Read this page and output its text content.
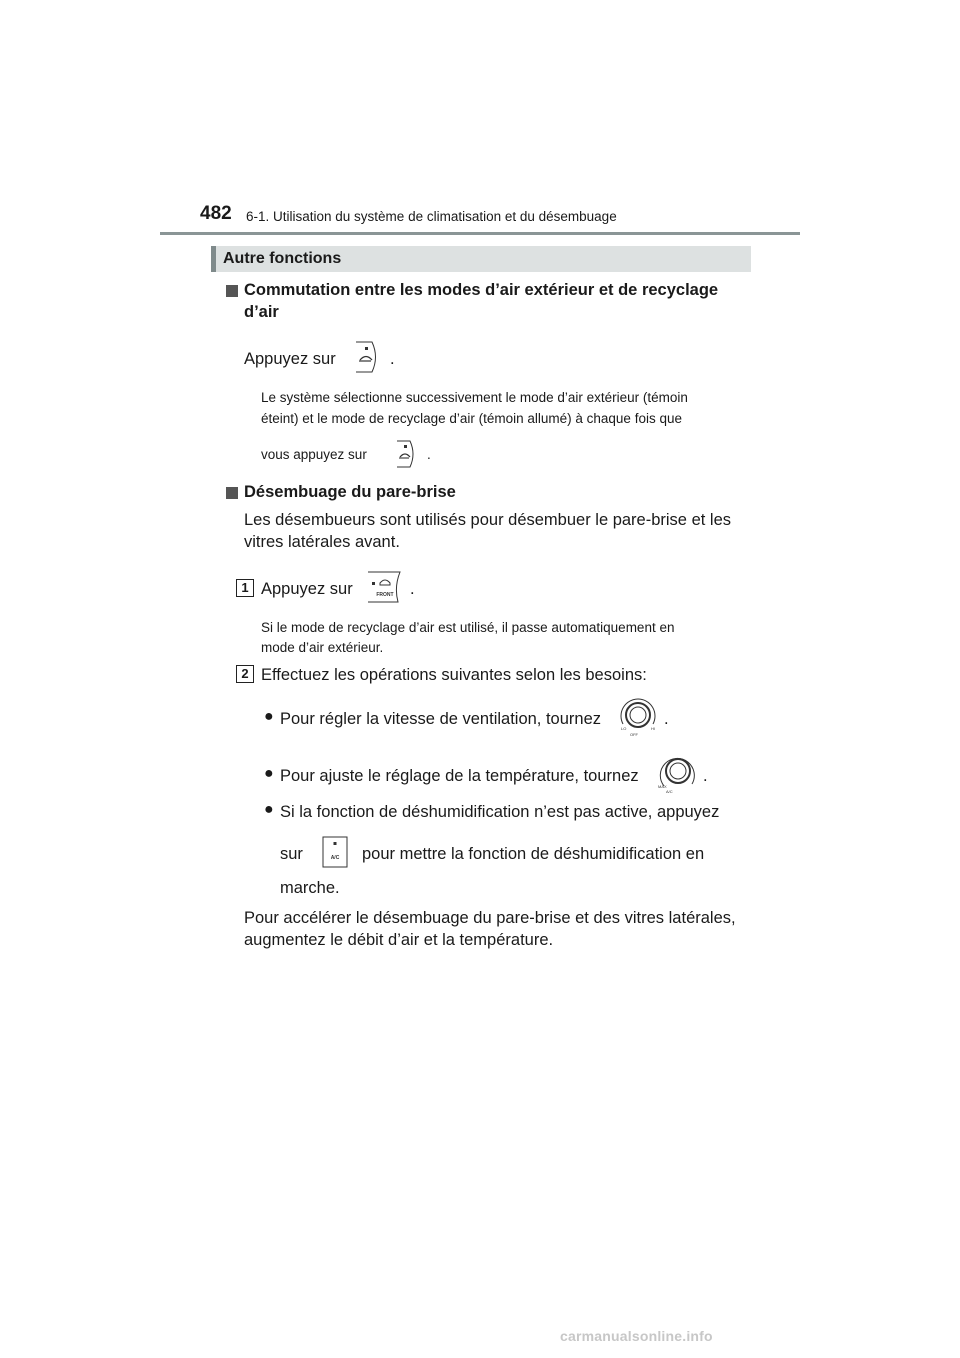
482 6-1. Utilisation du système de climatisation et du désembuage
Autre fonctions
Commutation entre les modes d’air extérieur et de recyclage
d’air
Appuyez sur	.
Le système sélectionne successivement le mode d’air extérieur (témoin
éteint) et le mode de recyclage d’air (témoin allumé) à chaque fois que
vous appuyez sur	.
Désembuage du pare-brise
Les désembueurs sont utilisés pour désembuer le pare-brise et les
vitres latérales avant.
1 Appuyez sur	FRONT .
Si le mode de recyclage d’air est utilisé, il passe automatiquement en
mode d’air extérieur.
2 Effectuez les opérations suivantes selon les besoins:
● Pour régler la vitesse de ventilation, tournez
LO	HI
OFF
.
● Pour ajuste le réglage de la température, tournez
MAX
A/C
.
● Si la fonction de déshumidification n’est pas active, appuyez
sur	A/C pour mettre la fonction de déshumidification en
marche.
Pour accélérer le désembuage du pare-brise et des vitres latérales,
augmentez le débit d’air et la température.
carmanualsonline.info
